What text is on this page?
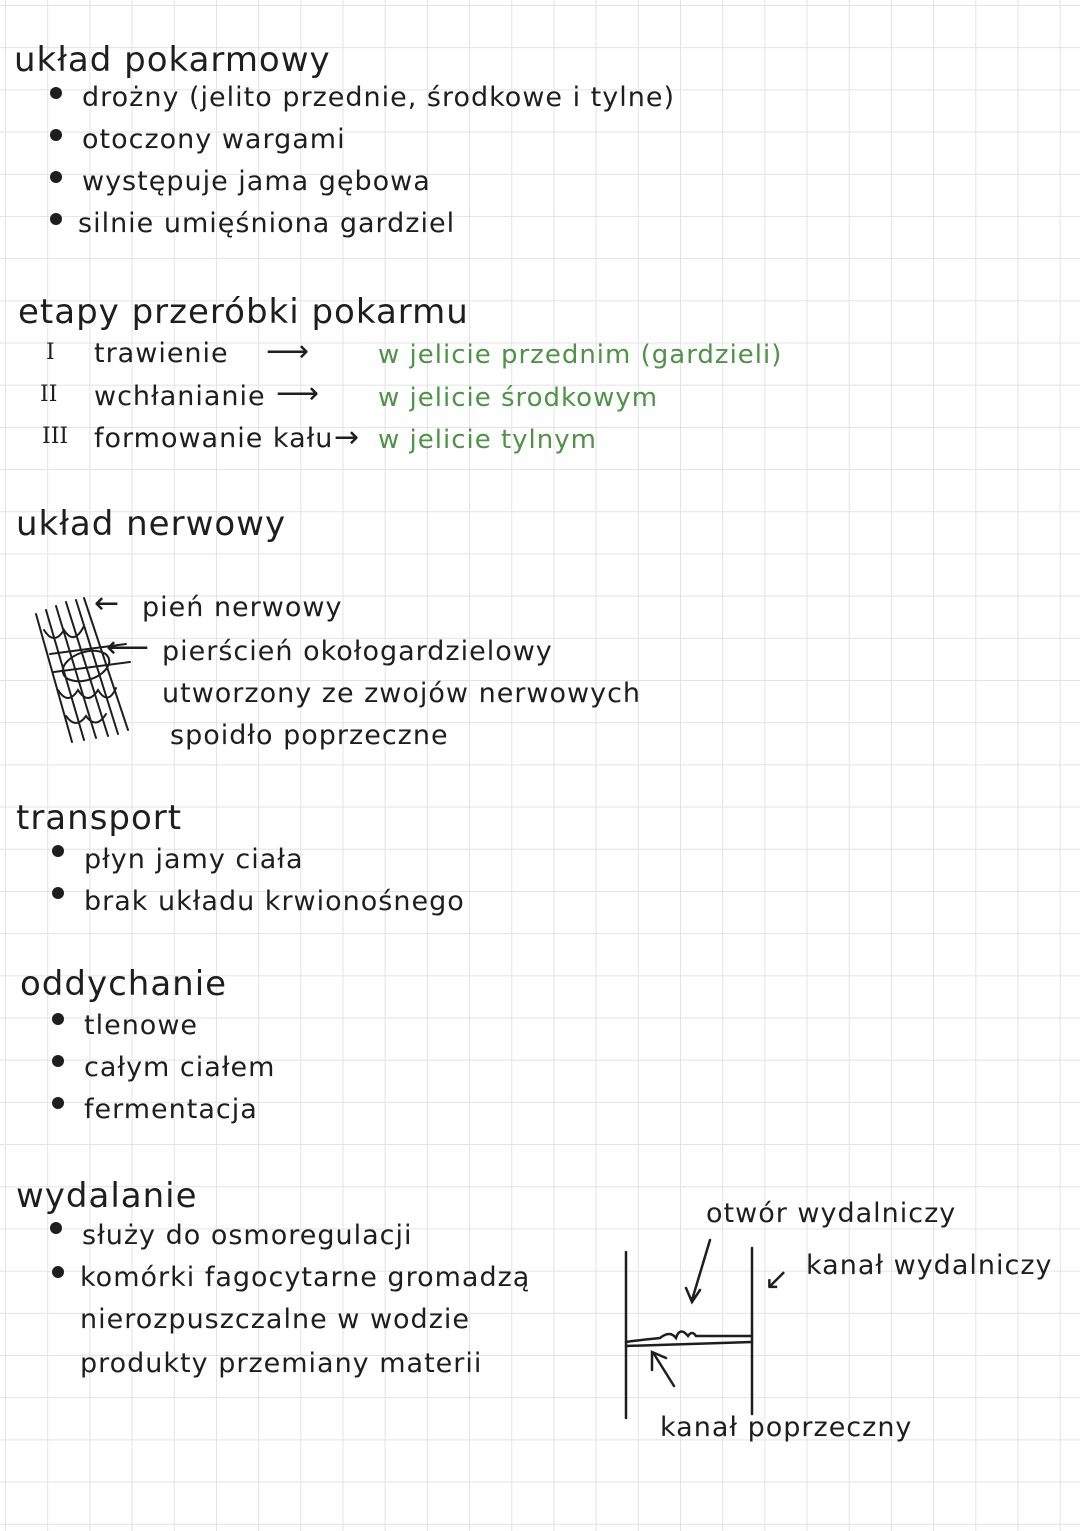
układ pokarmowy
drożny (jelito przednie, środkowe i tylne)
otoczony wargami
występuje jama gębowa
silnie umięśniona gardziel
etapy przeróbki pokarmu
I trawienie ⟶	w jelicie przednim (gardzieli)
II wchłanianie ⟶ w jelicie środkowym
III formowanie kału → w jelicie tylnym
układ nerwowy
← pień nerwowy
⟵ pierścień okołogardzielowy
utworzony ze zwojów nerwowych
spoidło poprzeczne
transport
płyn jamy ciała
brak układu krwionośnego
oddychanie
tlenowe
całym ciałem
fermentacja
wydalanie
służy do osmoregulacji
komórki fagocytarne gromadzą
nierozpuszczalne w wodzie
produkty przemiany materii
otwór wydalniczy
↙ kanał wydalniczy
kanał poprzeczny
